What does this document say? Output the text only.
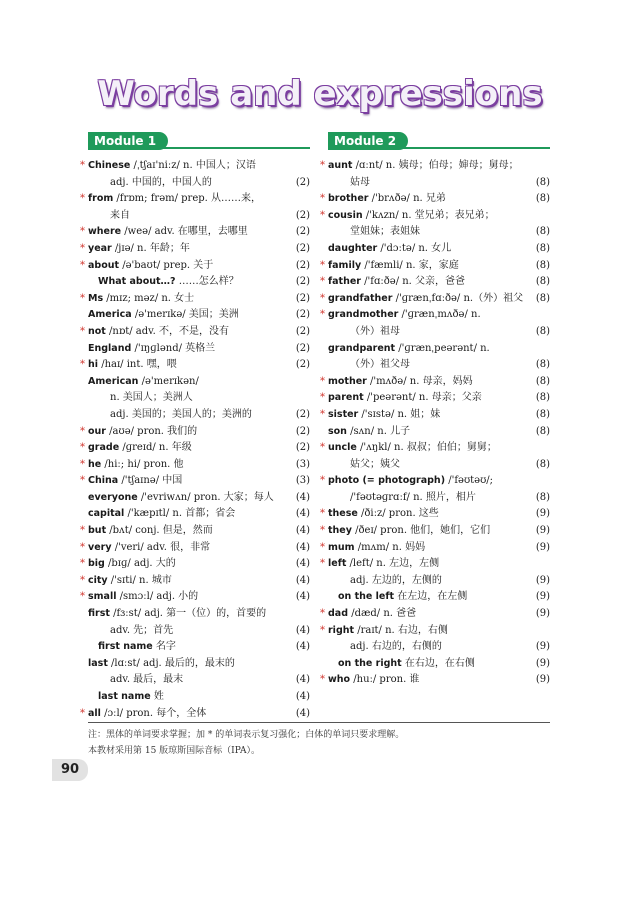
Words and expressions
Module 1
* Chinese /ˌtʃaɪ'niːz/ n. 中国人；汉语
adj. 中国的，中国人的	(2)
* from /frɒm; frəm/ prep. 从……来，
来自	(2)
* where /weə/ adv. 在哪里，去哪里	(2)
* year /jɪə/ n. 年龄；年	(2)
* about /ə'baʊt/ prep. 关于	(2)
What about…? ……怎么样？	(2)
* Ms /mɪz; məz/ n. 女士	(2)
America /ə'merɪkə/ 美国；美洲	(2)
* not /nɒt/ adv. 不，不是，没有	(2)
England /'ɪŋɡlənd/ 英格兰	(2)
* hi /haɪ/ int. 嘿，喂	(2)
American /ə'merɪkən/
n. 美国人；美洲人
adj. 美国的；美国人的；美洲的	(2)
* our /aʊə/ pron. 我们的	(2)
* grade /ɡreɪd/ n. 年级	(2)
* he /hiː; hi/ pron. 他	(3)
* China /'tʃaɪnə/ 中国	(3)
everyone /'evriwʌn/ pron. 大家；每人 (4)
capital /'kæpɪtl/ n. 首都；省会	(4)
* but /bʌt/ conj. 但是，然而	(4)
* very /'veri/ adv. 很，非常	(4)
* big /bɪɡ/ adj. 大的	(4)
* city /'sɪti/ n. 城市	(4)
* small /smɔːl/ adj. 小的	(4)
first /fɜːst/ adj. 第一（位）的，首要的
adv. 先；首先	(4)
first name 名字	(4)
last /lɑːst/ adj. 最后的，最末的
adv. 最后，最末	(4)
last name 姓	(4)
* all /ɔːl/ pron. 每个，全体	(4)
Module 2
* aunt /ɑːnt/ n. 姨母；伯母；婶母；舅母；
姑母	(8)
* brother /'brʌðə/ n. 兄弟	(8)
* cousin /'kʌzn/ n. 堂兄弟；表兄弟；
堂姐妹；表姐妹	(8)
daughter /'dɔːtə/ n. 女儿	(8)
* family /'fæmli/ n. 家，家庭	(8)
* father /'fɑːðə/ n. 父亲，爸爸	(8)
* grandfather /'ɡrænˌfɑːðə/ n.（外）祖父 (8)
* grandmother /'ɡrænˌmʌðə/ n.
（外）祖母	(8)
grandparent /'ɡrænˌpeərənt/ n.
（外）祖父母	(8)
* mother /'mʌðə/ n. 母亲，妈妈	(8)
* parent /'peərənt/ n. 母亲；父亲	(8)
* sister /'sɪstə/ n. 姐；妹	(8)
son /sʌn/ n. 儿子	(8)
* uncle /'ʌŋkl/ n. 叔叔；伯伯；舅舅；
姑父；姨父	(8)
* photo (= photograph) /'fəʊtəʊ/;
/'fəʊtəɡrɑːf/ n. 照片，相片	(8)
* these /ðiːz/ pron. 这些	(9)
* they /ðeɪ/ pron. 他们，她们，它们	(9)
* mum /mʌm/ n. 妈妈	(9)
* left /left/ n. 左边，左侧
adj. 左边的，左侧的	(9)
on the left 在左边，在左侧	(9)
* dad /dæd/ n. 爸爸	(9)
* right /raɪt/ n. 右边，右侧
adj. 右边的，右侧的	(9)
on the right 在右边，在右侧	(9)
* who /huː/ pron. 谁	(9)
注：黑体的单词要求掌握；加 * 的单词表示复习强化；白体的单词只要求理解。
本教材采用第 15 版琼斯国际音标（IPA）。
90
